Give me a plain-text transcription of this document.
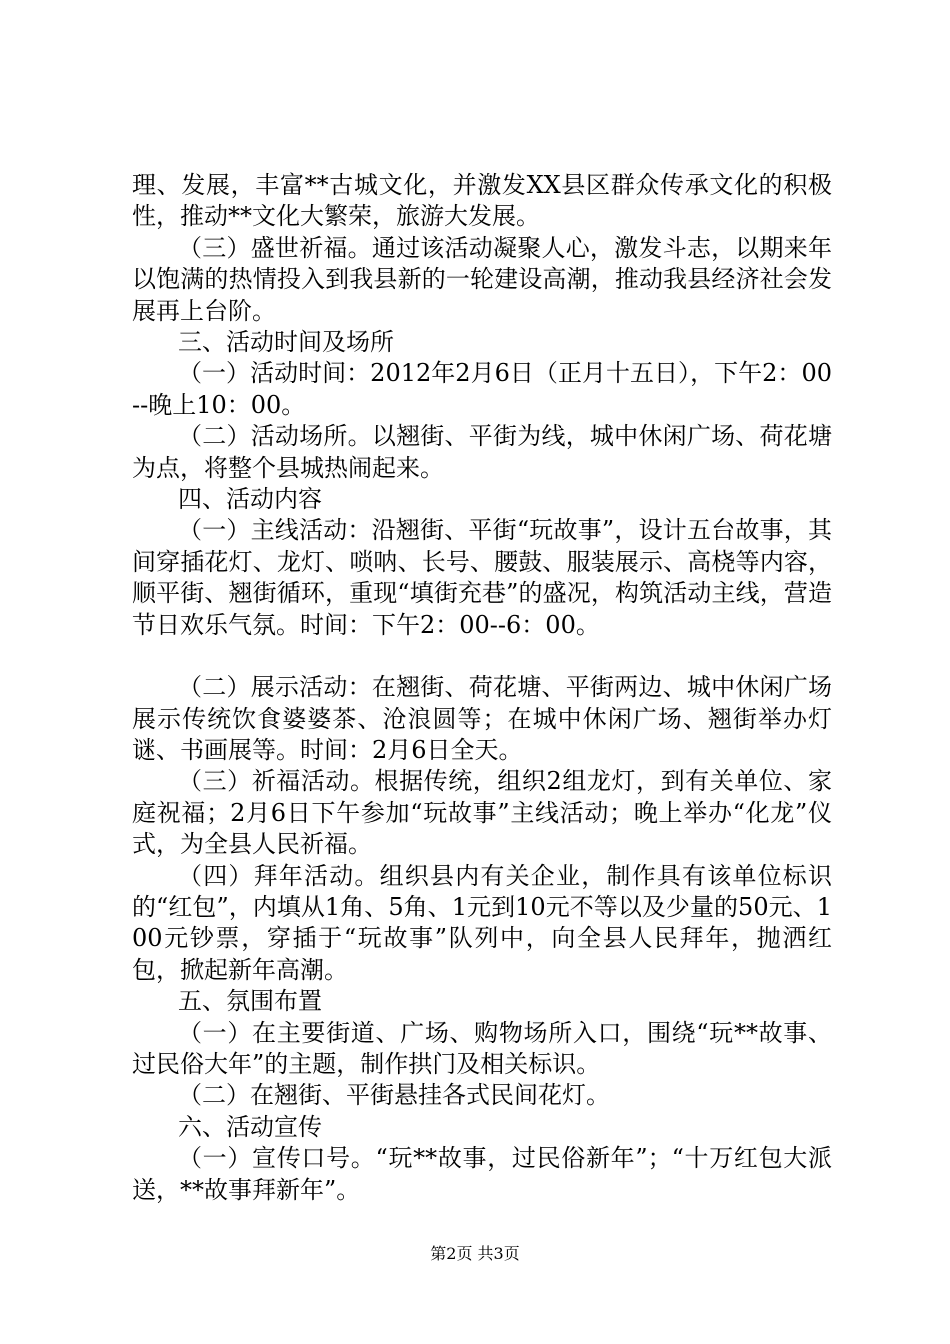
理、发展，丰富**古城文化，并激发XX县区群众传承文化的积极性，推动**文化大繁荣，旅游大发展。

（三）盛世祈福。通过该活动凝聚人心，激发斗志，以期来年以饱满的热情投入到我县新的一轮建设高潮，推动我县经济社会发展再上台阶。

三、活动时间及场所

（一）活动时间：2012年2月6日（正月十五日），下午2：00--晚上10：00。

（二）活动场所。以翘街、平街为线，城中休闲广场、荷花塘为点，将整个县城热闹起来。

四、活动内容

（一）主线活动：沿翘街、平街“玩故事”，设计五台故事，其间穿插花灯、龙灯、唢呐、长号、腰鼓、服装展示、高桡等内容，顺平街、翘街循环，重现“填街充巷”的盛况，构筑活动主线，营造节日欢乐气氛。时间：下午2：00--6：00。

（二）展示活动：在翘街、荷花塘、平街两边、城中休闲广场展示传统饮食婆婆茶、沧浪圆等；在城中休闲广场、翘街举办灯谜、书画展等。时间：2月6日全天。

（三）祈福活动。根据传统，组织2组龙灯，到有关单位、家庭祝福；2月6日下午参加“玩故事”主线活动；晚上举办“化龙”仪式，为全县人民祈福。

（四）拜年活动。组织县内有关企业，制作具有该单位标识的“红包”，内填从1角、5角、1元到10元不等以及少量的50元、100元钞票，穿插于“玩故事”队列中，向全县人民拜年，抛洒红包，掀起新年高潮。

五、氛围布置

（一）在主要街道、广场、购物场所入口，围绕“玩**故事、过民俗大年”的主题，制作拱门及相关标识。

（二）在翘街、平街悬挂各式民间花灯。

六、活动宣传

（一）宣传口号。“玩**故事，过民俗新年”；“十万红包大派送，**故事拜新年”。

第2页 共3页
